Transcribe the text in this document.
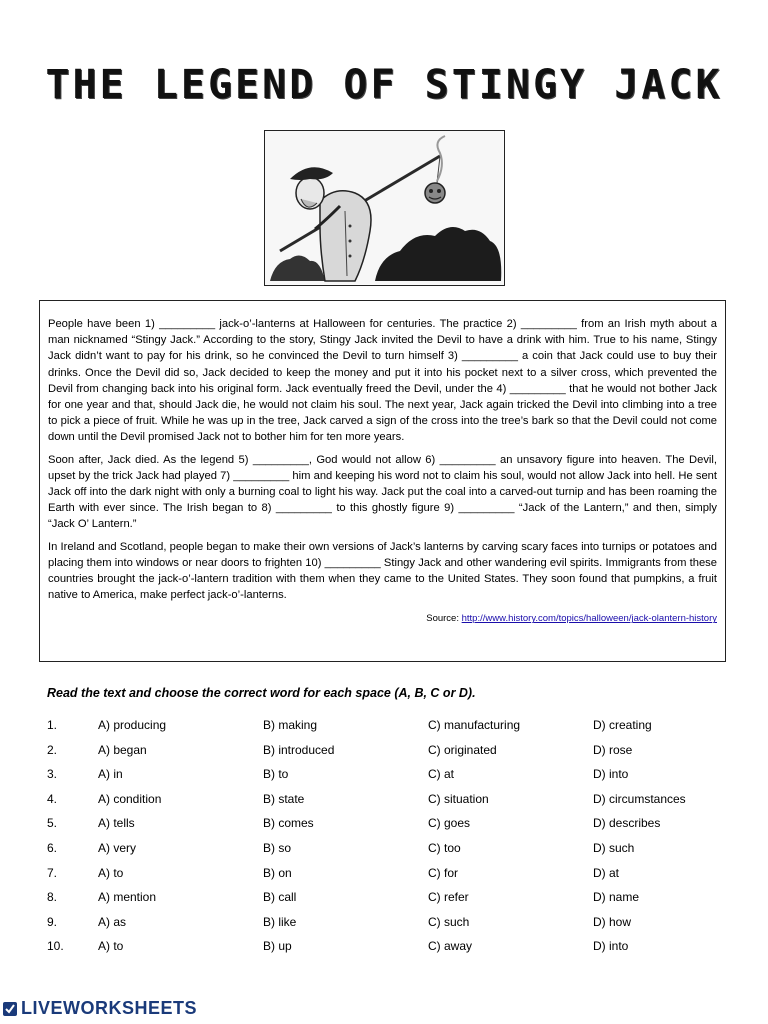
THE LEGEND OF STINGY JACK

People have been 1) _________ jack-o’-lanterns at Halloween for centuries. The practice 2) _________ from an Irish myth about a man nicknamed “Stingy Jack.” According to the story, Stingy Jack invited the Devil to have a drink with him. True to his name, Stingy Jack didn’t want to pay for his drink, so he convinced the Devil to turn himself 3) _________ a coin that Jack could use to buy their drinks. Once the Devil did so, Jack decided to keep the money and put it into his pocket next to a silver cross, which prevented the Devil from changing back into his original form. Jack eventually freed the Devil, under the 4) _________ that he would not bother Jack for one year and that, should Jack die, he would not claim his soul. The next year, Jack again tricked the Devil into climbing into a tree to pick a piece of fruit. While he was up in the tree, Jack carved a sign of the cross into the tree’s bark so that the Devil could not come down until the Devil promised Jack not to bother him for ten more years.

Soon after, Jack died. As the legend 5) _________, God would not allow 6) _________ an unsavory figure into heaven. The Devil, upset by the trick Jack had played 7) _________ him and keeping his word not to claim his soul, would not allow Jack into hell. He sent Jack off into the dark night with only a burning coal to light his way. Jack put the coal into a carved-out turnip and has been roaming the Earth with ever since. The Irish began to 8) _________ to this ghostly figure 9) _________ “Jack of the Lantern,” and then, simply “Jack O’ Lantern.”

In Ireland and Scotland, people began to make their own versions of Jack’s lanterns by carving scary faces into turnips or potatoes and placing them into windows or near doors to frighten 10) _________ Stingy Jack and other wandering evil spirits. Immigrants from these countries brought the jack-o’-lantern tradition with them when they came to the United States. They soon found that pumpkins, a fruit native to America, make perfect jack-o’-lanterns.

Source: http://www.history.com/topics/halloween/jack-olantern-history
Read the text and choose the correct word for each space (A, B, C or D).
1.	A) producing	B) making	C) manufacturing	D) creating
2.	A) began	B) introduced	C) originated	D) rose
3.	A) in	B) to	C) at	D) into
4.	A) condition	B) state	C) situation	D) circumstances
5.	A) tells	B) comes	C) goes	D) describes
6.	A) very	B) so	C) too	D) such
7.	A) to	B) on	C) for	D) at
8.	A) mention	B) call	C) refer	D) name
9.	A) as	B) like	C) such	D) how
10.	A) to	B) up	C) away	D) into
LIVEWORKSHEETS
